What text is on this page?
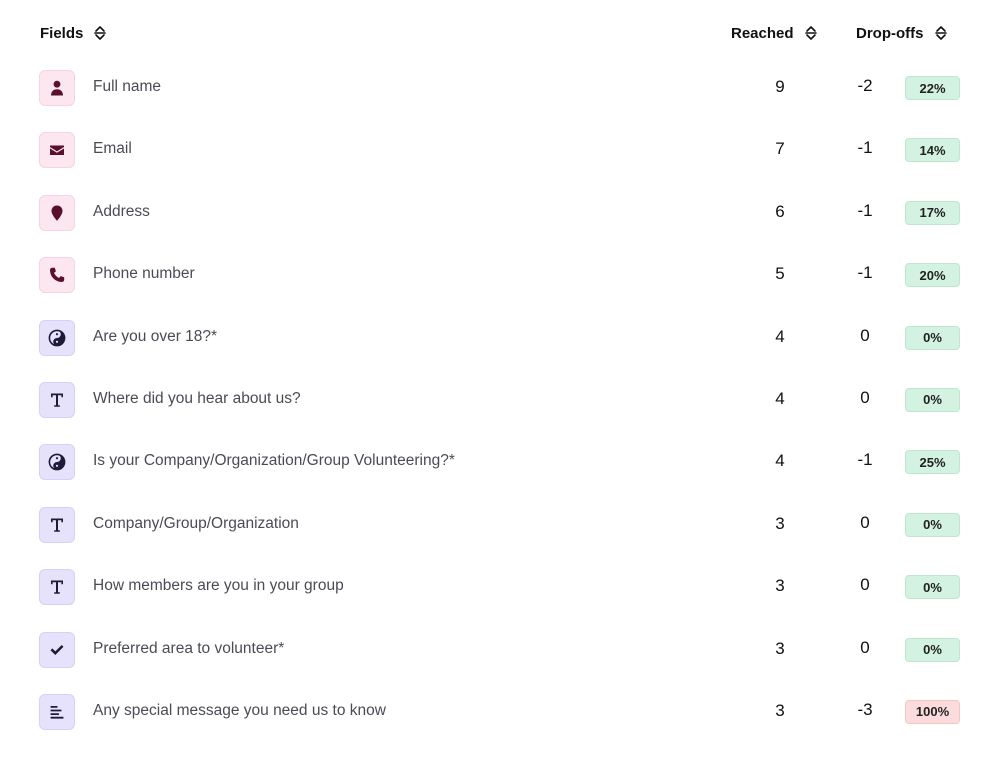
Fields	Reached	Drop-offs
Full name	9	-2	22%
Email	7	-1	14%
Address	6	-1	17%
Phone number	5	-1	20%
Are you over 18?*	4	0	0%
Where did you hear about us?	4	0	0%
Is your Company/Organization/Group Volunteering?*	4	-1	25%
Company/Group/Organization	3	0	0%
How members are you in your group	3	0	0%
Preferred area to volunteer*	3	0	0%
Any special message you need us to know	3	-3	100%
